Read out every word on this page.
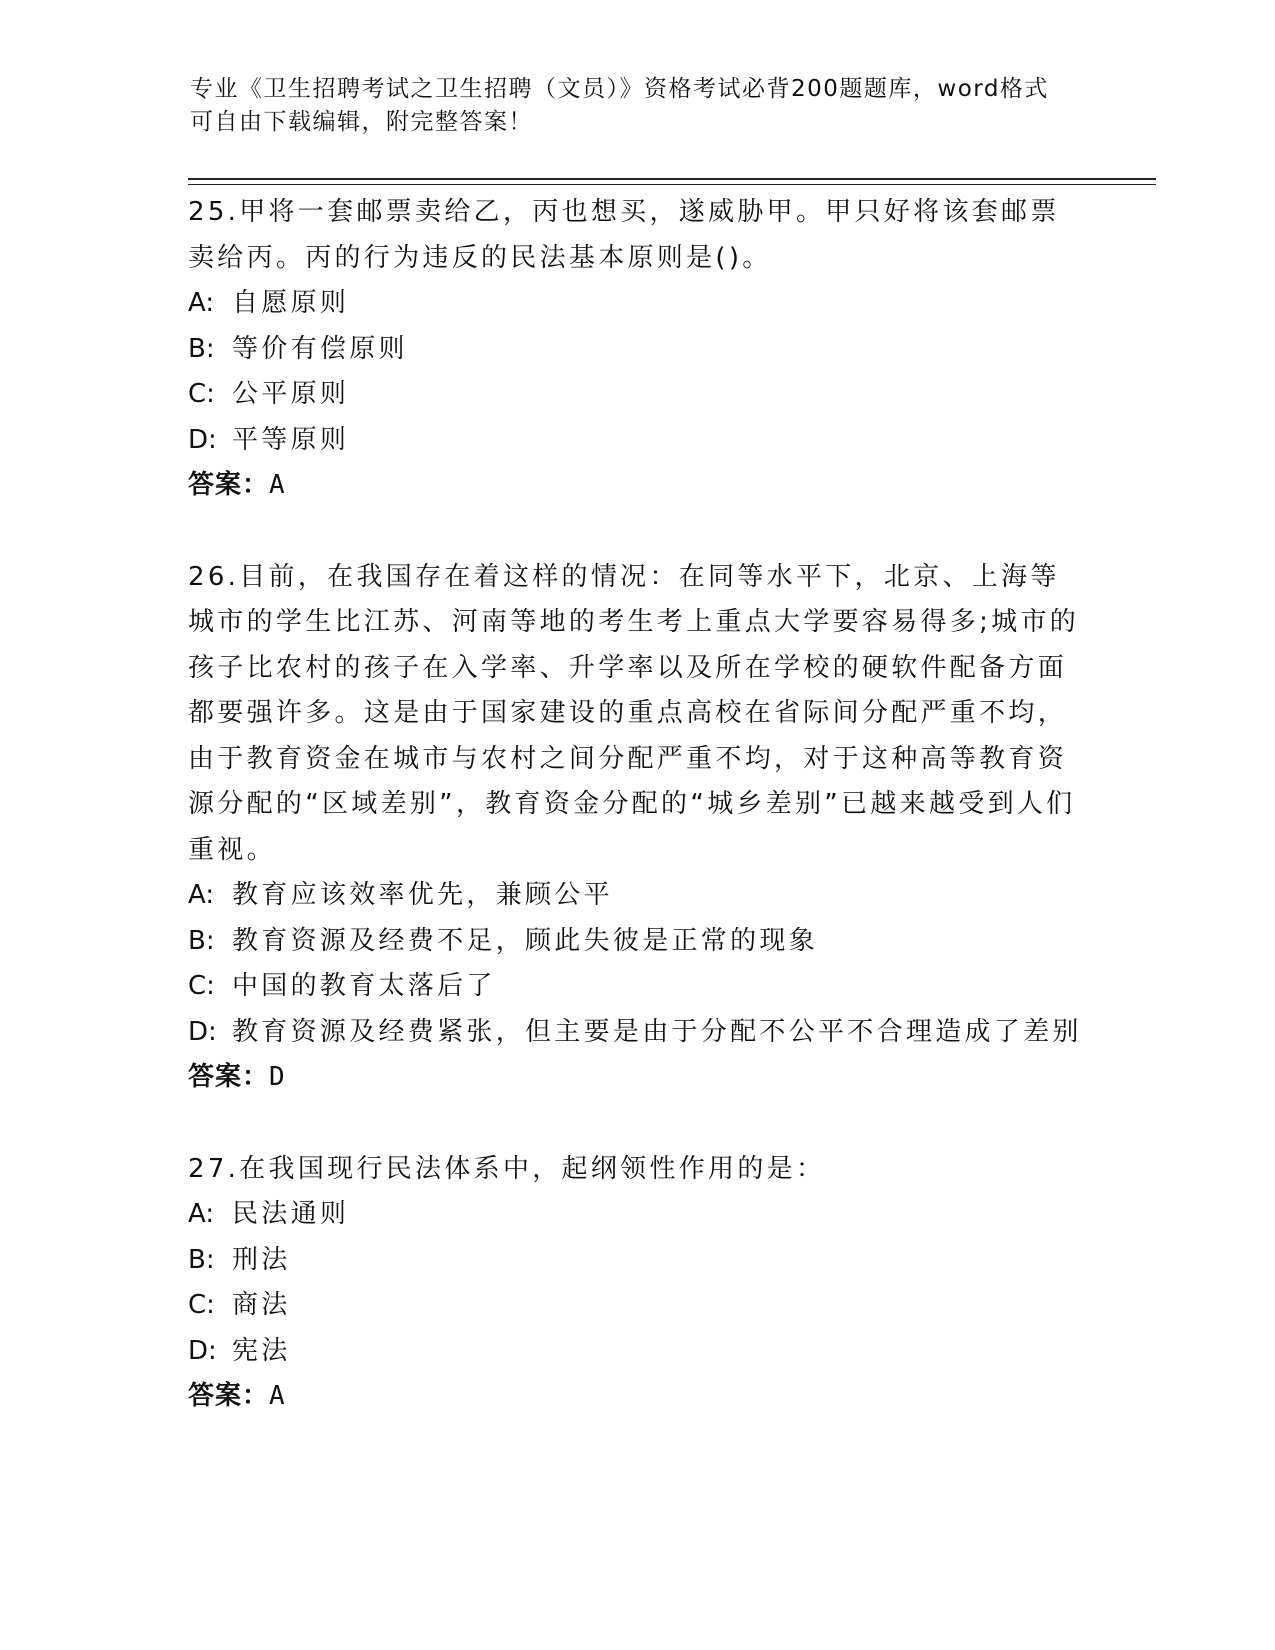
专业《卫生招聘考试之卫生招聘（文员）》资格考试必背200题题库，word格式
可自由下载编辑，附完整答案！
25.甲将一套邮票卖给乙，丙也想买，遂威胁甲。甲只好将该套邮票卖给丙。丙的行为违反的民法基本原则是()。
A: 自愿原则
B: 等价有偿原则
C: 公平原则
D: 平等原则
答案：A
26.目前，在我国存在着这样的情况：在同等水平下，北京、上海等城市的学生比江苏、河南等地的考生考上重点大学要容易得多;城市的孩子比农村的孩子在入学率、升学率以及所在学校的硬软件配备方面都要强许多。这是由于国家建设的重点高校在省际间分配严重不均，由于教育资金在城市与农村之间分配严重不均，对于这种高等教育资源分配的“区域差别”，教育资金分配的“城乡差别”已越来越受到人们重视。
A: 教育应该效率优先，兼顾公平
B: 教育资源及经费不足，顾此失彼是正常的现象
C: 中国的教育太落后了
D: 教育资源及经费紧张，但主要是由于分配不公平不合理造成了差别
答案：D
27.在我国现行民法体系中，起纲领性作用的是：
A: 民法通则
B: 刑法
C: 商法
D: 宪法
答案：A
